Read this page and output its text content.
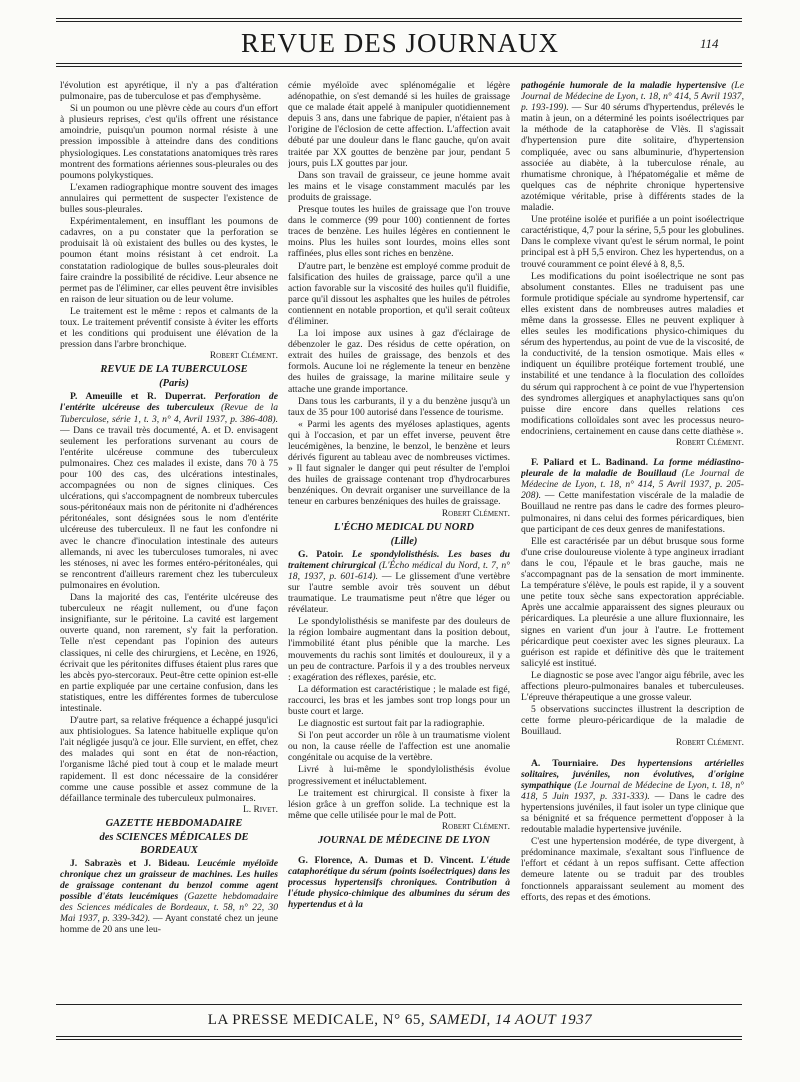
REVUE DES JOURNAUX	114

l'évolution est apyrétique, il n'y a pas d'altération pulmonaire, pas de tuberculose et pas d'emphysème.

Si un poumon ou une plèvre cède au cours d'un effort à plusieurs reprises, c'est qu'ils offrent une résistance amoindrie, puisqu'un poumon normal résiste à une pression impossible à atteindre dans des conditions physiologiques. Les constatations anatomiques très rares montrent des formations aériennes sous-pleurales ou des poumons polykystiques.

L'examen radiographique montre souvent des images annulaires qui permettent de suspecter l'existence de bulles sous-pleurales.

Expérimentalement, en insufflant les poumons de cadavres, on a pu constater que la perforation se produisait là où existaient des bulles ou des kystes, le poumon étant moins résistant à cet endroit. La constatation radiologique de bulles sous-pleurales doit faire craindre la possibilité de récidive. Leur absence ne permet pas de l'éliminer, car elles peuvent être invisibles en raison de leur situation ou de leur volume.

Le traitement est le même : repos et calmants de la toux. Le traitement préventif consiste à éviter les efforts et les conditions qui produisent une élévation de la pression dans l'arbre bronchique.

Robert Clément.

REVUE DE LA TUBERCULOSE

(Paris)

P. Ameuille et R. Duperrat. Perforation de l'entérite ulcéreuse des tuberculeux (Revue de la Tuberculose, série 1, t. 3, n° 4, Avril 1937, p. 386-408). — Dans ce travail très documenté, A. et D. envisagent seulement les perforations survenant au cours de l'entérite ulcéreuse commune des tuberculeux pulmonaires. Chez ces malades il existe, dans 70 à 75 pour 100 des cas, des ulcérations intestinales, accompagnées ou non de signes cliniques. Ces ulcérations, qui s'accompagnent de nombreux tubercules sous-péritonéaux mais non de péritonite ni d'adhérences péritonéales, sont désignées sous le nom d'entérite ulcéreuse des tuberculeux. Il ne faut les confondre ni avec le chancre d'inoculation intestinale des auteurs allemands, ni avec les tuberculoses tumorales, ni avec les sténoses, ni avec les formes entéro-péritonéales, qui se rencontrent d'ailleurs rarement chez les tuberculeux pulmonaires en évolution.

Dans la majorité des cas, l'entérite ulcéreuse des tuberculeux ne réagit nullement, ou d'une façon insignifiante, sur le péritoine. La cavité est largement ouverte quand, non rarement, s'y fait la perforation. Telle n'est cependant pas l'opinion des auteurs classiques, ni celle des chirurgiens, et Lecène, en 1926, écrivait que les péritonites diffuses étaient plus rares que les abcès pyo-stercoraux. Peut-être cette opinion est-elle en partie expliquée par une certaine confusion, dans les statistiques, entre les différentes formes de tuberculose intestinale.

D'autre part, sa relative fréquence a échappé jusqu'ici aux phtisiologues. Sa latence habituelle explique qu'on l'ait négligée jusqu'à ce jour. Elle survient, en effet, chez des malades qui sont en état de non-réaction, l'organisme lâché pied tout à coup et le malade meurt rapidement. Il est donc nécessaire de la considérer comme une cause possible et assez commune de la défaillance terminale des tuberculeux pulmonaires.

L. Rivet.

GAZETTE HEBDOMADAIRE

des SCIENCES MÉDICALES DE BORDEAUX

J. Sabrazès et J. Bideau. Leucémie myéloïde chronique chez un graisseur de machines. Les huiles de graissage contenant du benzol comme agent possible d'états leucémiques (Gazette hebdomadaire des Sciences médicales de Bordeaux, t. 58, n° 22, 30 Mai 1937, p. 339-342). — Ayant constaté chez un jeune homme de 20 ans une leu-

cémie myéloïde avec splénomégalie et légère adénopathie, on s'est demandé si les huiles de graissage que ce malade était appelé à manipuler quotidiennement depuis 3 ans, dans une fabrique de papier, n'étaient pas à l'origine de l'éclosion de cette affection. L'affection avait débuté par une douleur dans le flanc gauche, qu'on avait traitée par XX gouttes de benzène par jour, pendant 5 jours, puis LX gouttes par jour.

Dans son travail de graisseur, ce jeune homme avait les mains et le visage constamment maculés par les produits de graissage.

Presque toutes les huiles de graissage que l'on trouve dans le commerce (99 pour 100) contiennent de fortes traces de benzène. Les huiles légères en contiennent le moins. Plus les huiles sont lourdes, moins elles sont raffinées, plus elles sont riches en benzène.

D'autre part, le benzène est employé comme produit de falsification des huiles de graissage, parce qu'il a une action favorable sur la viscosité des huiles qu'il fluidifie, parce qu'il dissout les asphaltes que les huiles de pétroles contiennent en notable proportion, et qu'il serait coûteux d'éliminer.

La loi impose aux usines à gaz d'éclairage de débenzoler le gaz. Des résidus de cette opération, on extrait des huiles de graissage, des benzols et des formols. Aucune loi ne réglemente la teneur en benzène des huiles de graissage, la marine militaire seule y attache une grande importance.

Dans tous les carburants, il y a du benzène jusqu'à un taux de 35 pour 100 autorisé dans l'essence de tourisme.

« Parmi les agents des myéloses aplastiques, agents qui à l'occasion, et par un effet inverse, peuvent être leucémigènes, la benzine, le benzol, le benzène et leurs dérivés figurent au tableau avec de nombreuses victimes. » Il faut signaler le danger qui peut résulter de l'emploi des huiles de graissage contenant trop d'hydrocarbures benzéniques. On devrait organiser une surveillance de la teneur en carbures benzéniques des huiles de graissage.

Robert Clément.

L'ÉCHO MEDICAL DU NORD

(Lille)

G. Patoir. Le spondylolisthésis. Les bases du traitement chirurgical (L'Écho médical du Nord, t. 7, n° 18, 1937, p. 601-614). — Le glissement d'une vertèbre sur l'autre semble avoir très souvent un début traumatique. Le traumatisme peut n'être que léger ou révélateur.

Le spondylolisthésis se manifeste par des douleurs de la région lombaire augmentant dans la position debout, l'immobilité étant plus pénible que la marche. Les mouvements du rachis sont limités et douloureux, il y a un peu de contracture. Parfois il y a des troubles nerveux : exagération des réflexes, parésie, etc.

La déformation est caractéristique ; le malade est figé, raccourci, les bras et les jambes sont trop longs pour un buste court et large.

Le diagnostic est surtout fait par la radiographie.

Si l'on peut accorder un rôle à un traumatisme violent ou non, la cause réelle de l'affection est une anomalie congénitale ou acquise de la vertèbre.

Livré à lui-même le spondylolisthésis évolue progressivement et inéluctablement.

Le traitement est chirurgical. Il consiste à fixer la lésion grâce à un greffon solide. La technique est la même que celle utilisée pour le mal de Pott.

Robert Clément.

JOURNAL DE MÉDECINE DE LYON

G. Florence, A. Dumas et D. Vincent. L'étude cataphorétique du sérum (points isoélectriques) dans les processus hypertensifs chroniques. Contribution à l'étude physico-chimique des albumines du sérum des hypertendus et à la

pathogénie humorale de la maladie hypertensive (Le Journal de Médecine de Lyon, t. 18, n° 414, 5 Avril 1937, p. 193-199). — Sur 40 sérums d'hypertendus, prélevés le matin à jeun, on a déterminé les points isoélectriques par la méthode de la cataphorèse de Vlès. Il s'agissait d'hypertension pure dite solitaire, d'hypertension compliquée, avec ou sans albuminurie, d'hypertension associée au diabète, à la tuberculose rénale, au rhumatisme chronique, à l'hépatomégalie et même de quelques cas de néphrite chronique hypertensive azotémique véritable, prise à différents stades de la maladie.

Une protéine isolée et purifiée a un point isoélectrique caractéristique, 4,7 pour la sérine, 5,5 pour les globulines. Dans le complexe vivant qu'est le sérum normal, le point principal est à pH 5,5 environ. Chez les hypertendus, on a trouvé couramment ce point élevé à 8, 8,5.

Les modifications du point isoélectrique ne sont pas absolument constantes. Elles ne traduisent pas une formule protidique spéciale au syndrome hypertensif, car elles existent dans de nombreuses autres maladies et même dans la grossesse. Elles ne peuvent expliquer à elles seules les modifications physico-chimiques du sérum des hypertendus, au point de vue de la viscosité, de la conductivité, de la tension osmotique. Mais elles « indiquent un équilibre protéique fortement troublé, une instabilité et une tendance à la floculation des colloïdes du sérum qui rapprochent à ce point de vue l'hypertension des syndromes allergiques et anaphylactiques sans qu'on puisse dire encore dans quelles relations ces modifications colloïdales sont avec les processus neuro-endocriniens, certainement en cause dans cette diathèse ».

Robert Clément.

F. Paliard et L. Badinand. La forme médiastino-pleurale de la maladie de Bouillaud (Le Journal de Médecine de Lyon, t. 18, n° 414, 5 Avril 1937, p. 205-208). — Cette manifestation viscérale de la maladie de Bouillaud ne rentre pas dans le cadre des formes pleuro-pulmonaires, ni dans celui des formes péricardiques, bien que participant de ces deux genres de manifestations.

Elle est caractérisée par un début brusque sous forme d'une crise douloureuse violente à type angineux irradiant dans le cou, l'épaule et le bras gauche, mais ne s'accompagnant pas de la sensation de mort imminente. La température s'élève, le pouls est rapide, il y a souvent une petite toux sèche sans expectoration appréciable. Après une accalmie apparaissent des signes pleuraux ou péricardiques. La pleurésie a une allure fluxionnaire, les signes en varient d'un jour à l'autre. Le frottement péricardique peut coexister avec les signes pleuraux. La guérison est rapide et définitive dès que le traitement salicylé est institué.

Le diagnostic se pose avec l'angor aigu fébrile, avec les affections pleuro-pulmonaires banales et tuberculeuses. L'épreuve thérapeutique a une grosse valeur.

5 observations succinctes illustrent la description de cette forme pleuro-péricardique de la maladie de Bouillaud.

Robert Clément.

A. Tourniaire. Des hypertensions artérielles solitaires, juvéniles, non évolutives, d'origine sympathique (Le Journal de Médecine de Lyon, t. 18, n° 418, 5 Juin 1937, p. 331-333). — Dans le cadre des hypertensions juvéniles, il faut isoler un type clinique que sa bénignité et sa fréquence permettent d'opposer à la redoutable maladie hypertensive juvénile.

C'est une hypertension modérée, de type divergent, à prédominance maximale, s'exaltant sous l'influence de l'effort et cédant à un repos suffisant. Cette affection demeure latente ou se traduit par des troubles fonctionnels apparaissant seulement au moment des efforts, des repas et des émotions.

LA PRESSE MEDICALE, N° 65, SAMEDI, 14 AOUT 1937
